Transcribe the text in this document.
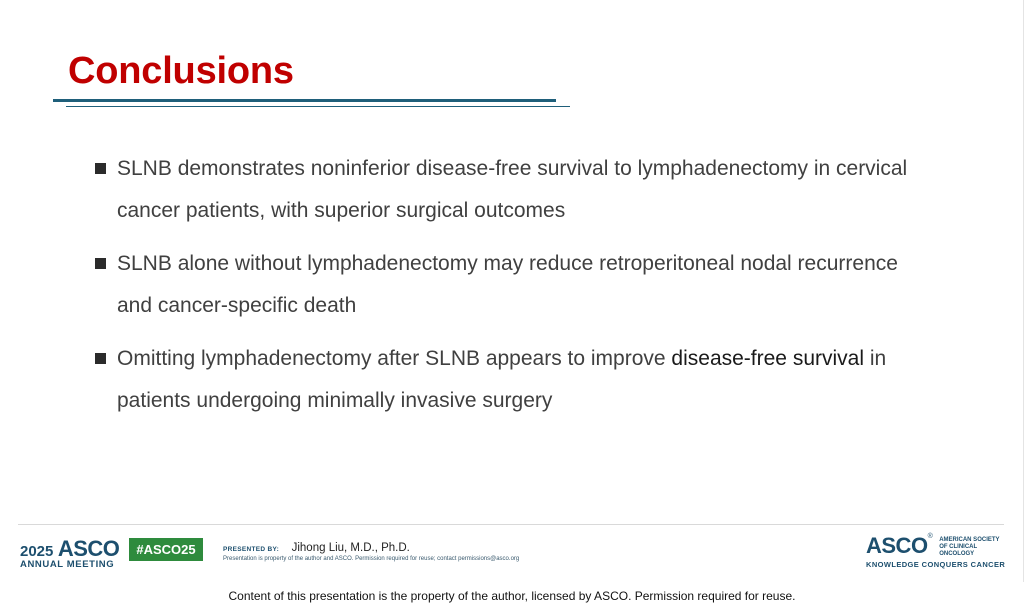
Conclusions
SLNB demonstrates noninferior disease-free survival to lymphadenectomy in cervical
cancer patients, with superior surgical outcomes
SLNB alone without lymphadenectomy may reduce retroperitoneal nodal recurrence
and cancer-specific death
Omitting lymphadenectomy after SLNB appears to improve disease-free survival in
patients undergoing minimally invasive surgery
2025 ASCO
ANNUAL MEETING
#ASCO25	PRESENTED BY: Jihong Liu, M.D., Ph.D.
Presentation is property of the author and ASCO. Permission required for reuse; contact permissions@asco.org
ASCO® AMERICAN SOCIETY OF CLINICAL ONCOLOGY
KNOWLEDGE CONQUERS CANCER
Content of this presentation is the property of the author, licensed by ASCO. Permission required for reuse.
